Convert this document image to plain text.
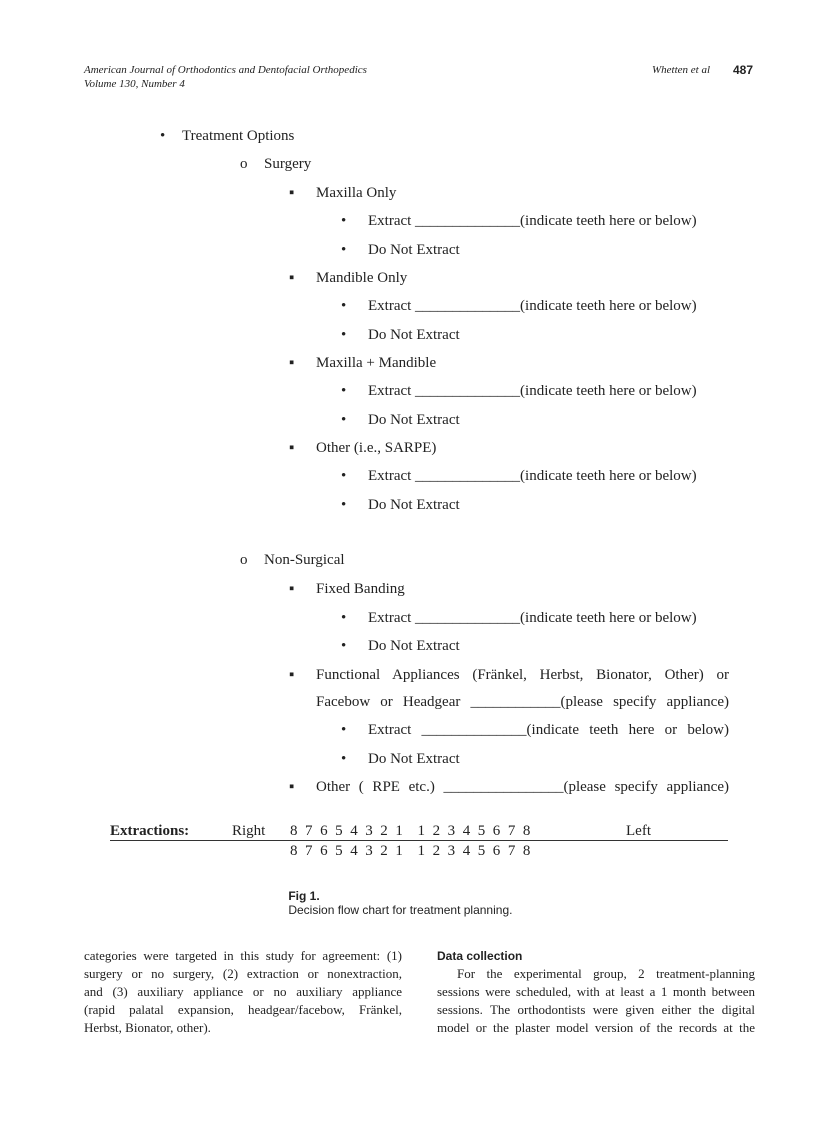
American Journal of Orthodontics and Dentofacial Orthopedics
Volume 130, Number 4
Whetten et al 487
• Treatment Options
o Surgery
▪ Maxilla Only
• Extract ______________(indicate teeth here or below)
• Do Not Extract
▪ Mandible Only
• Extract ______________(indicate teeth here or below)
• Do Not Extract
▪ Maxilla + Mandible
• Extract ______________(indicate teeth here or below)
• Do Not Extract
▪ Other (i.e., SARPE)
• Extract ______________(indicate teeth here or below)
• Do Not Extract
o Non-Surgical
▪ Fixed Banding
• Extract ______________(indicate teeth here or below)
• Do Not Extract
▪ Functional Appliances (Fränkel, Herbst, Bionator, Other) or
Facebow or Headgear ____________(please specify appliance)
• Extract ______________(indicate teeth here or below)
• Do Not Extract
▪ Other ( RPE etc.) ________________(please specify appliance)
Extractions:	Right 8 7 6 5 4 3 2 1  1 2 3 4 5 6 7 8	Left
8 7 6 5 4 3 2 1  1 2 3 4 5 6 7 8

Fig 1.
Decision flow chart for treatment planning.

categories were targeted in this study for agreement: (1)
surgery or no surgery, (2) extraction or nonextraction,
and (3) auxiliary appliance or no auxiliary appliance
(rapid palatal expansion, headgear/facebow, Fränkel,
Herbst, Bionator, other).
Data collection
For the experimental group, 2 treatment-planning
sessions were scheduled, with at least a 1 month between
sessions. The orthodontists were given either the digital
model or the plaster model version of the records at the
